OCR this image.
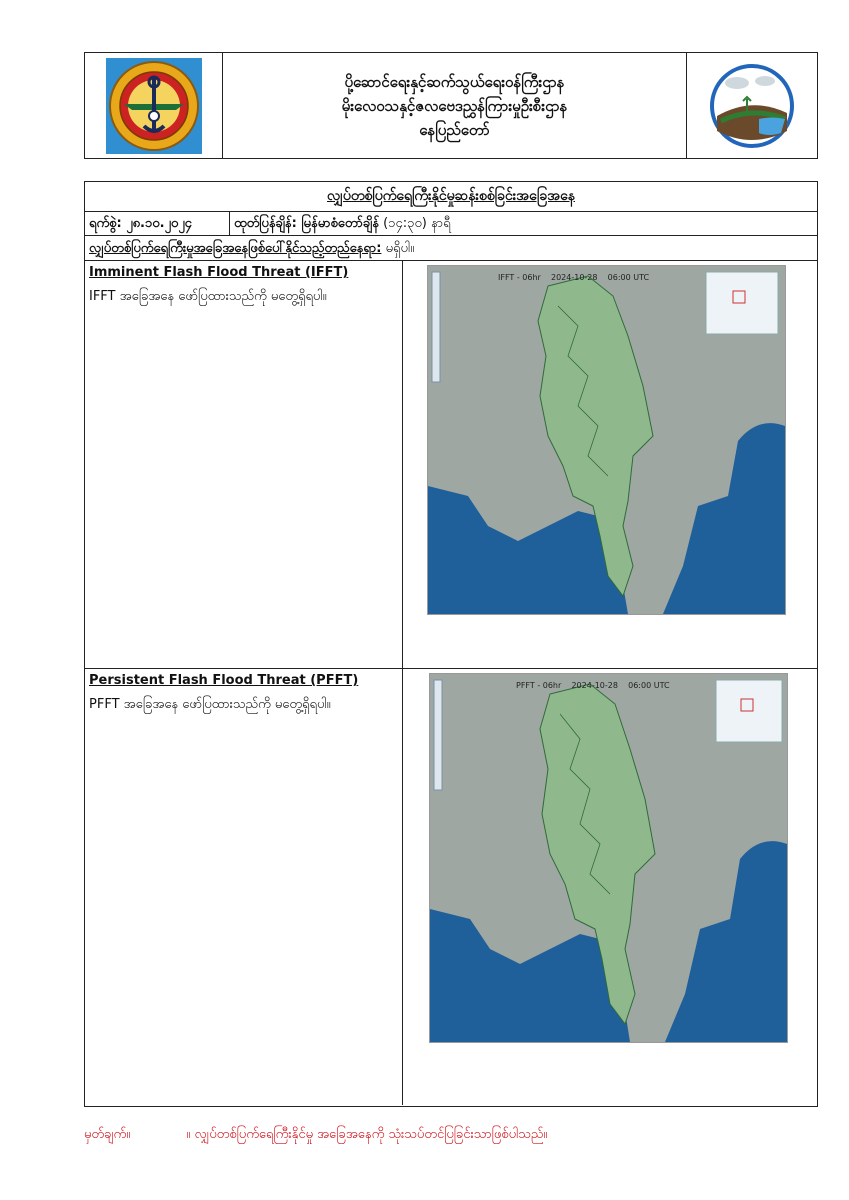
ပို့ဆောင်ရေးနှင့်ဆက်သွယ်ရေးဝန်ကြီးဌာန
မိုးလေဝသနှင့်ဇလဗေဒညွှန်ကြားမှုဦးစီးဌာန
နေပြည်တော်
လျှပ်တစ်ပြက်ရေကြီးနိုင်မှုဆန်းစစ်ခြင်းအခြေအနေ
ရက်စွဲ: ၂၈.၁၀.၂၀၂၄	ထုတ်ပြန်ချိန်: မြန်မာစံတော်ချိန် (၁၄:၃၀) နာရီ
လျှပ်တစ်ပြက်ရေကြီးမှုအခြေအနေဖြစ်ပေါ်နိုင်သည့်တည်နေရာ: မရှိပါ။
Imminent Flash Flood Threat (IFFT)
IFFT အခြေအနေ ဖော်ပြထားသည်ကို မတွေ့ရှိရပါ။
IFFT - 06hr    2024-10-28    06:00 UTC
Persistent Flash Flood Threat (PFFT)
PFFT အခြေအနေ ဖော်ပြထားသည်ကို မတွေ့ရှိရပါ။
PFFT - 06hr    2024-10-28    06:00 UTC
မှတ်ချက်။	။ လျှပ်တစ်ပြက်ရေကြီးနိုင်မှု အခြေအနေကို သုံးသပ်တင်ပြခြင်းသာဖြစ်ပါသည်။
